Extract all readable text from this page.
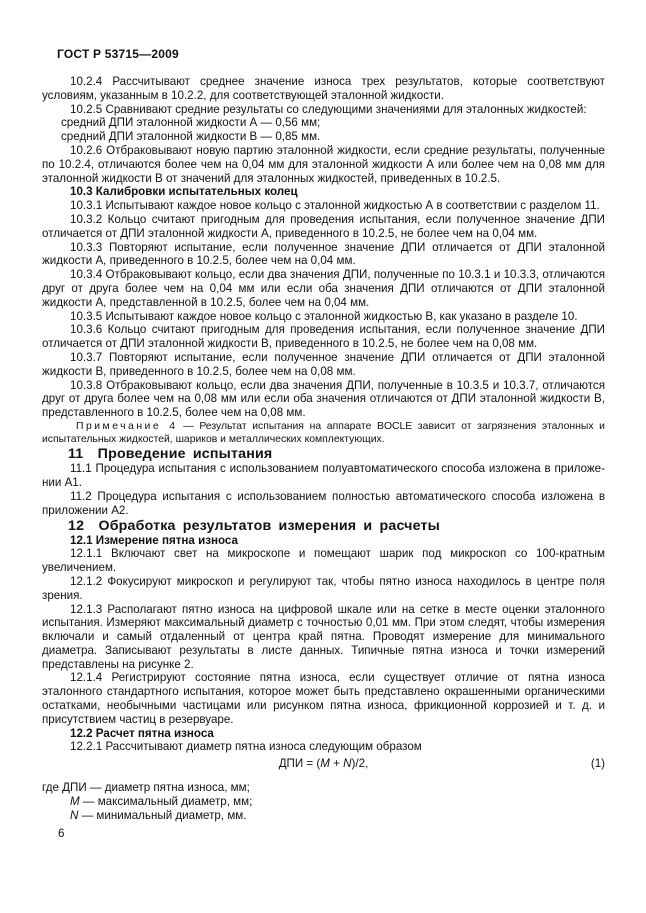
ГОСТ Р 53715—2009

10.2.4 Рассчитывают среднее значение износа трех результатов, которые соответствуют условиям, указанным в 10.2.2, для соответствующей эталонной жидкости.

10.2.5 Сравнивают средние результаты со следующими значениями для эталонных жидкостей:

средний ДПИ эталонной жидкости А — 0,56 мм;

средний ДПИ эталонной жидкости В — 0,85 мм.

10.2.6 Отбраковывают новую партию эталонной жидкости, если средние результаты, полученные по 10.2.4, отличаются более чем на 0,04 мм для эталонной жидкости А или более чем на 0,08 мм для эталонной жидкости В от значений для эталонных жидкостей, приведенных в 10.2.5.

10.3 Калибровки испытательных колец

10.3.1 Испытывают каждое новое кольцо с эталонной жидкостью А в соответствии с разделом 11.

10.3.2 Кольцо считают пригодным для проведения испытания, если полученное значение ДПИ отличается от ДПИ эталонной жидкости А, приведенного в 10.2.5, не более чем на 0,04 мм.

10.3.3 Повторяют испытание, если полученное значение ДПИ отличается от ДПИ эталонной жидкости А, приведенного в 10.2.5, более чем на 0,04 мм.

10.3.4 Отбраковывают кольцо, если два значения ДПИ, полученные по 10.3.1 и 10.3.3, отличаются друг от друга более чем на 0,04 мм или если оба значения ДПИ отличаются от ДПИ эталонной жидкости А, представленной в 10.2.5, более чем на 0,04 мм.

10.3.5 Испытывают каждое новое кольцо с эталонной жидкостью В, как указано в разделе 10.

10.3.6 Кольцо считают пригодным для проведения испытания, если полученное значение ДПИ отличается от ДПИ эталонной жидкости В, приведенного в 10.2.5, не более чем на 0,08 мм.

10.3.7 Повторяют испытание, если полученное значение ДПИ отличается от ДПИ эталонной жидкости В, приведенного в 10.2.5, более чем на 0,08 мм.

10.3.8 Отбраковывают кольцо, если два значения ДПИ, полученные в 10.3.5 и 10.3.7, отличаются друг от друга более чем на 0,08 мм или если оба значения отличаются от ДПИ эталонной жидкости В, представленного в 10.2.5, более чем на 0,08 мм.

Примечание 4 — Результат испытания на аппарате BOCLE зависит от загрязнения эталонных и испытательных жидкостей, шариков и металлических комплектующих.

11  Проведение испытания

11.1 Процедура испытания с использованием полуавтоматического способа изложена в приложении А1.

11.2 Процедура испытания с использованием полностью автоматического способа изложена в приложении А2.

12  Обработка результатов измерения и расчеты

12.1 Измерение пятна износа

12.1.1 Включают свет на микроскопе и помещают шарик под микроскоп со 100-кратным увеличением.

12.1.2 Фокусируют микроскоп и регулируют так, чтобы пятно износа находилось в центре поля зрения.

12.1.3 Располагают пятно износа на цифровой шкале или на сетке в месте оценки эталонного испытания. Измеряют максимальный диаметр с точностью 0,01 мм. При этом следят, чтобы измерения включали и самый отдаленный от центра край пятна. Проводят измерение для минимального диаметра. Записывают результаты в листе данных. Типичные пятна износа и точки измерений представлены на рисунке 2.

12.1.4 Регистрируют состояние пятна износа, если существует отличие от пятна износа эталонного стандартного испытания, которое может быть представлено окрашенными органическими остатками, необычными частицами или рисунком пятна износа, фрикционной коррозией и т. д. и присутствием частиц в резервуаре.

12.2 Расчет пятна износа

12.2.1 Рассчитывают диаметр пятна износа следующим образом

ДПИ = (M + N)/2,	(1)

где ДПИ — диаметр пятна износа, мм;

M — максимальный диаметр, мм;

N — минимальный диаметр, мм.

6
